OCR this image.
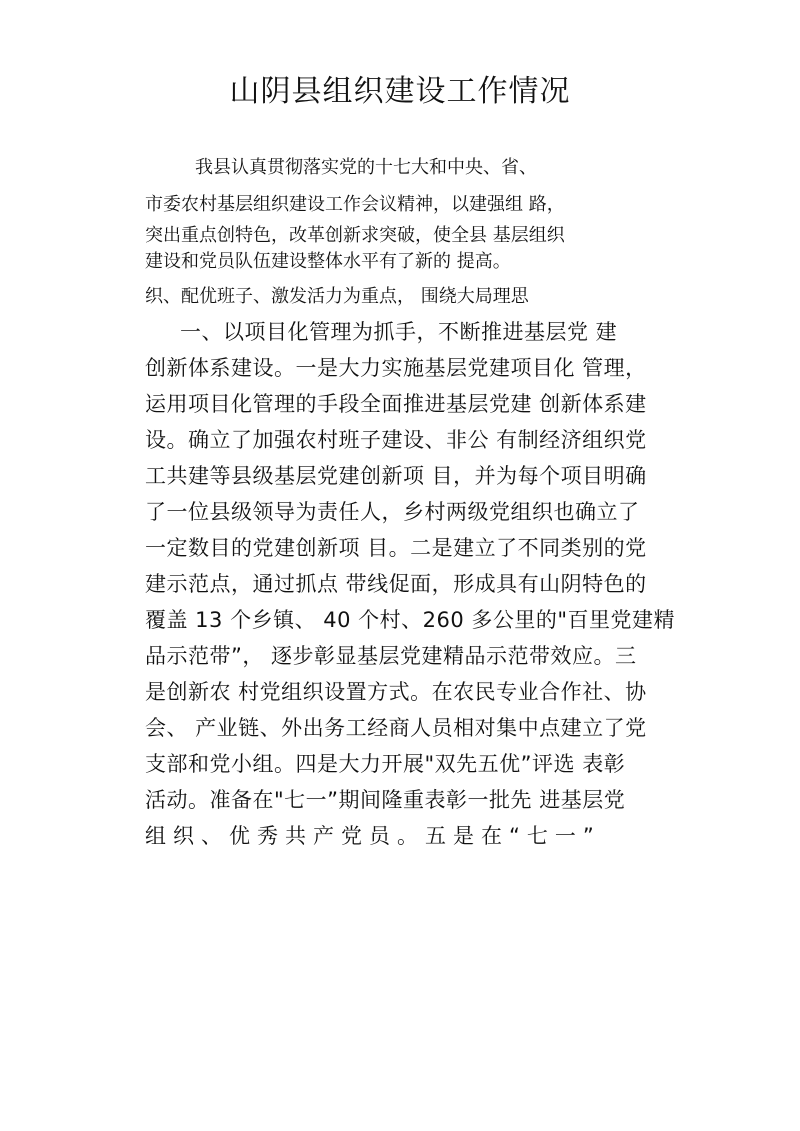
山阴县组织建设工作情况

我县认真贯彻落实党的十七大和中央、省、

市委农村基层组织建设工作会议精神，以建强组 路，

突出重点创特色，改革创新求突破，使全县 基层组织

建设和党员队伍建设整体水平有了新的 提高。

织、配优班子、激发活力为重点， 围绕大局理思

一、以项目化管理为抓手，不断推进基层党 建

创新体系建设。一是大力实施基层党建项目化 管理，

运用项目化管理的手段全面推进基层党建 创新体系建

设。确立了加强农村班子建设、非公 有制经济组织党

工共建等县级基层党建创新项 目，并为每个项目明确

了一位县级领导为责任人，乡村两级党组织也确立了

一定数目的党建创新项 目。二是建立了不同类别的党

建示范点，通过抓点 带线促面，形成具有山阴特色的

覆盖 13 个乡镇、 40 个村、260 多公里的"百里党建精

品示范带”， 逐步彰显基层党建精品示范带效应。三

是创新农 村党组织设置方式。在农民专业合作社、协

会、 产业链、外出务工经商人员相对集中点建立了党

支部和党小组。四是大力开展"双先五优”评选 表彰

活动。准备在"七一”期间隆重表彰一批先 进基层党

组织、优秀共产党员。五是在“七一”
